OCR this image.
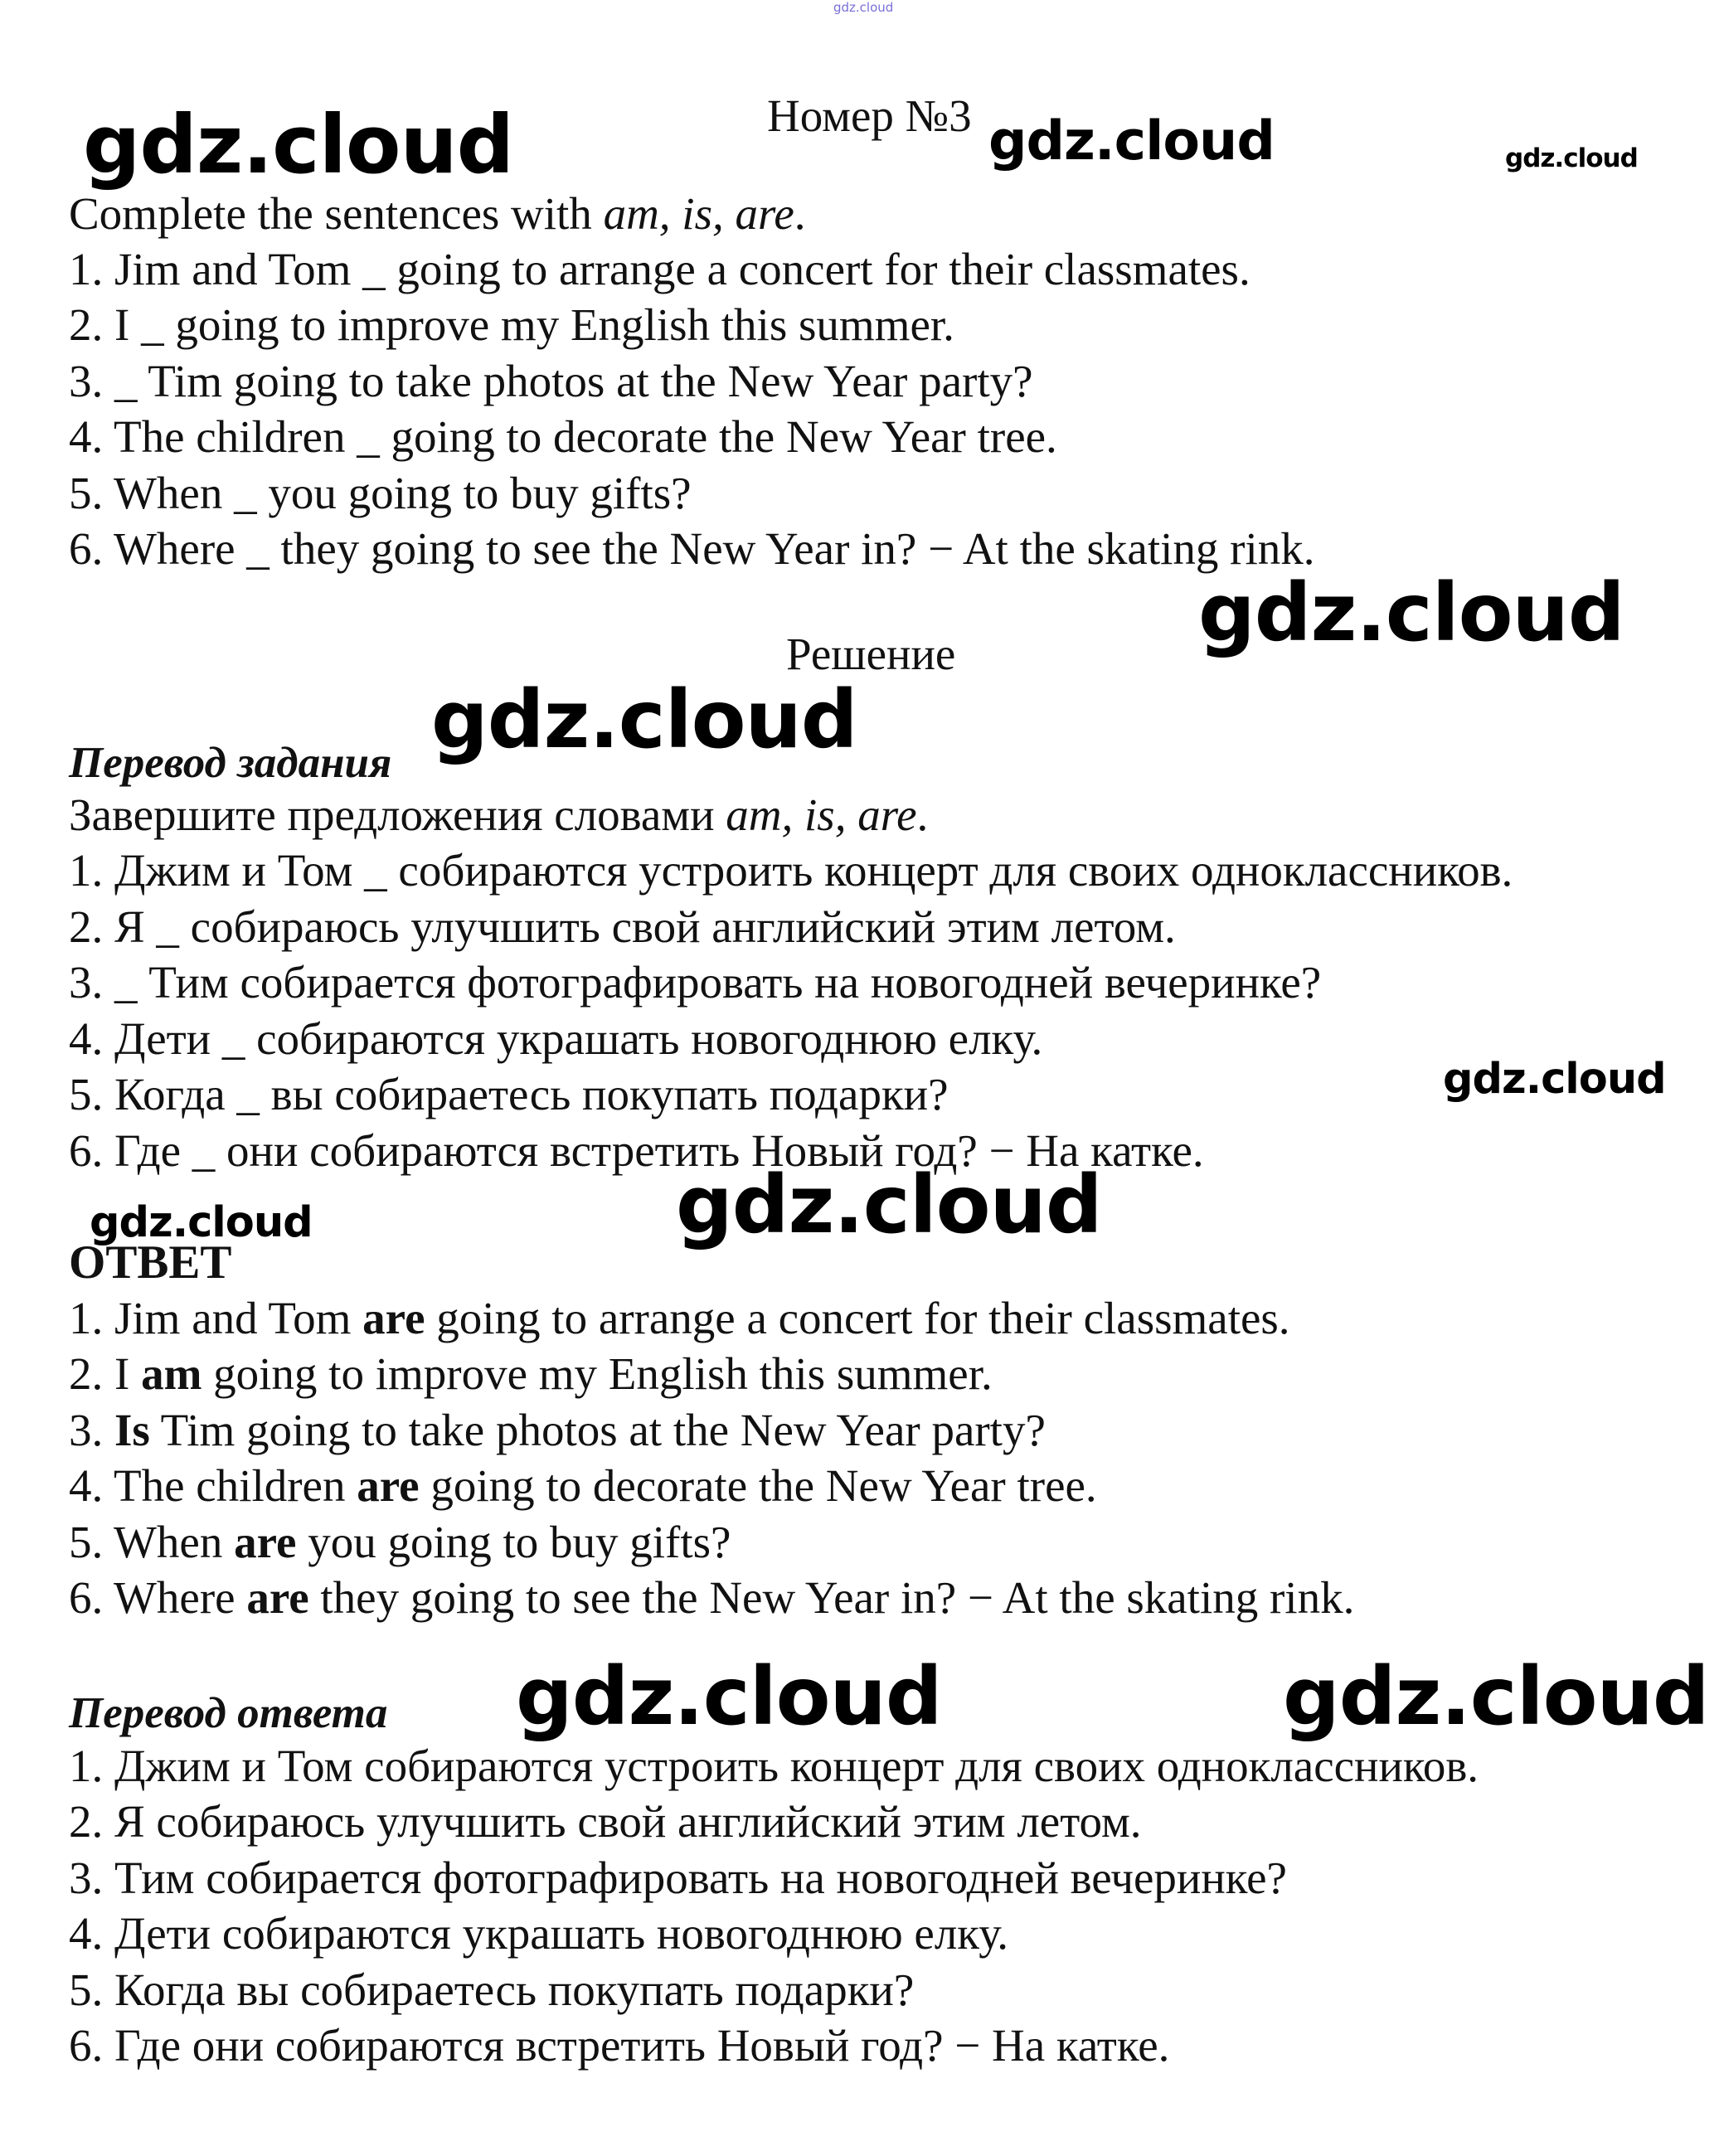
gdz.cloud
Номер №3
gdz.cloud	gdz.cloud	gdz.cloud
gdz.cloud
gdz.cloud
gdz.cloud
gdz.cloud
gdz.cloud
gdz.cloud	gdz.cloud
Complete the sentences with am, is, are.
1. Jim and Tom _ going to arrange a concert for their classmates.
2. I _ going to improve my English this summer.
3. _ Tim going to take photos at the New Year party?
4. The children _ going to decorate the New Year tree.
5. When _ you going to buy gifts?
6. Where _ they going to see the New Year in? − At the skating rink.
Решение
Перевод задания
Завершите предложения словами am, is, are.
1. Джим и Том _ собираются устроить концерт для своих одноклассников.
2. Я _ собираюсь улучшить свой английский этим летом.
3. _ Тим собирается фотографировать на новогодней вечеринке?
4. Дети _ собираются украшать новогоднюю елку.
5. Когда _ вы собираетесь покупать подарки?
6. Где _ они собираются встретить Новый год? − На катке.
ОТВЕТ
1. Jim and Tom are going to arrange a concert for their classmates.
2. I am going to improve my English this summer.
3. Is Tim going to take photos at the New Year party?
4. The children are going to decorate the New Year tree.
5. When are you going to buy gifts?
6. Where are they going to see the New Year in? − At the skating rink.
Перевод ответа
1. Джим и Том собираются устроить концерт для своих одноклассников.
2. Я собираюсь улучшить свой английский этим летом.
3. Тим собирается фотографировать на новогодней вечеринке?
4. Дети собираются украшать новогоднюю елку.
5. Когда вы собираетесь покупать подарки?
6. Где они собираются встретить Новый год? − На катке.
